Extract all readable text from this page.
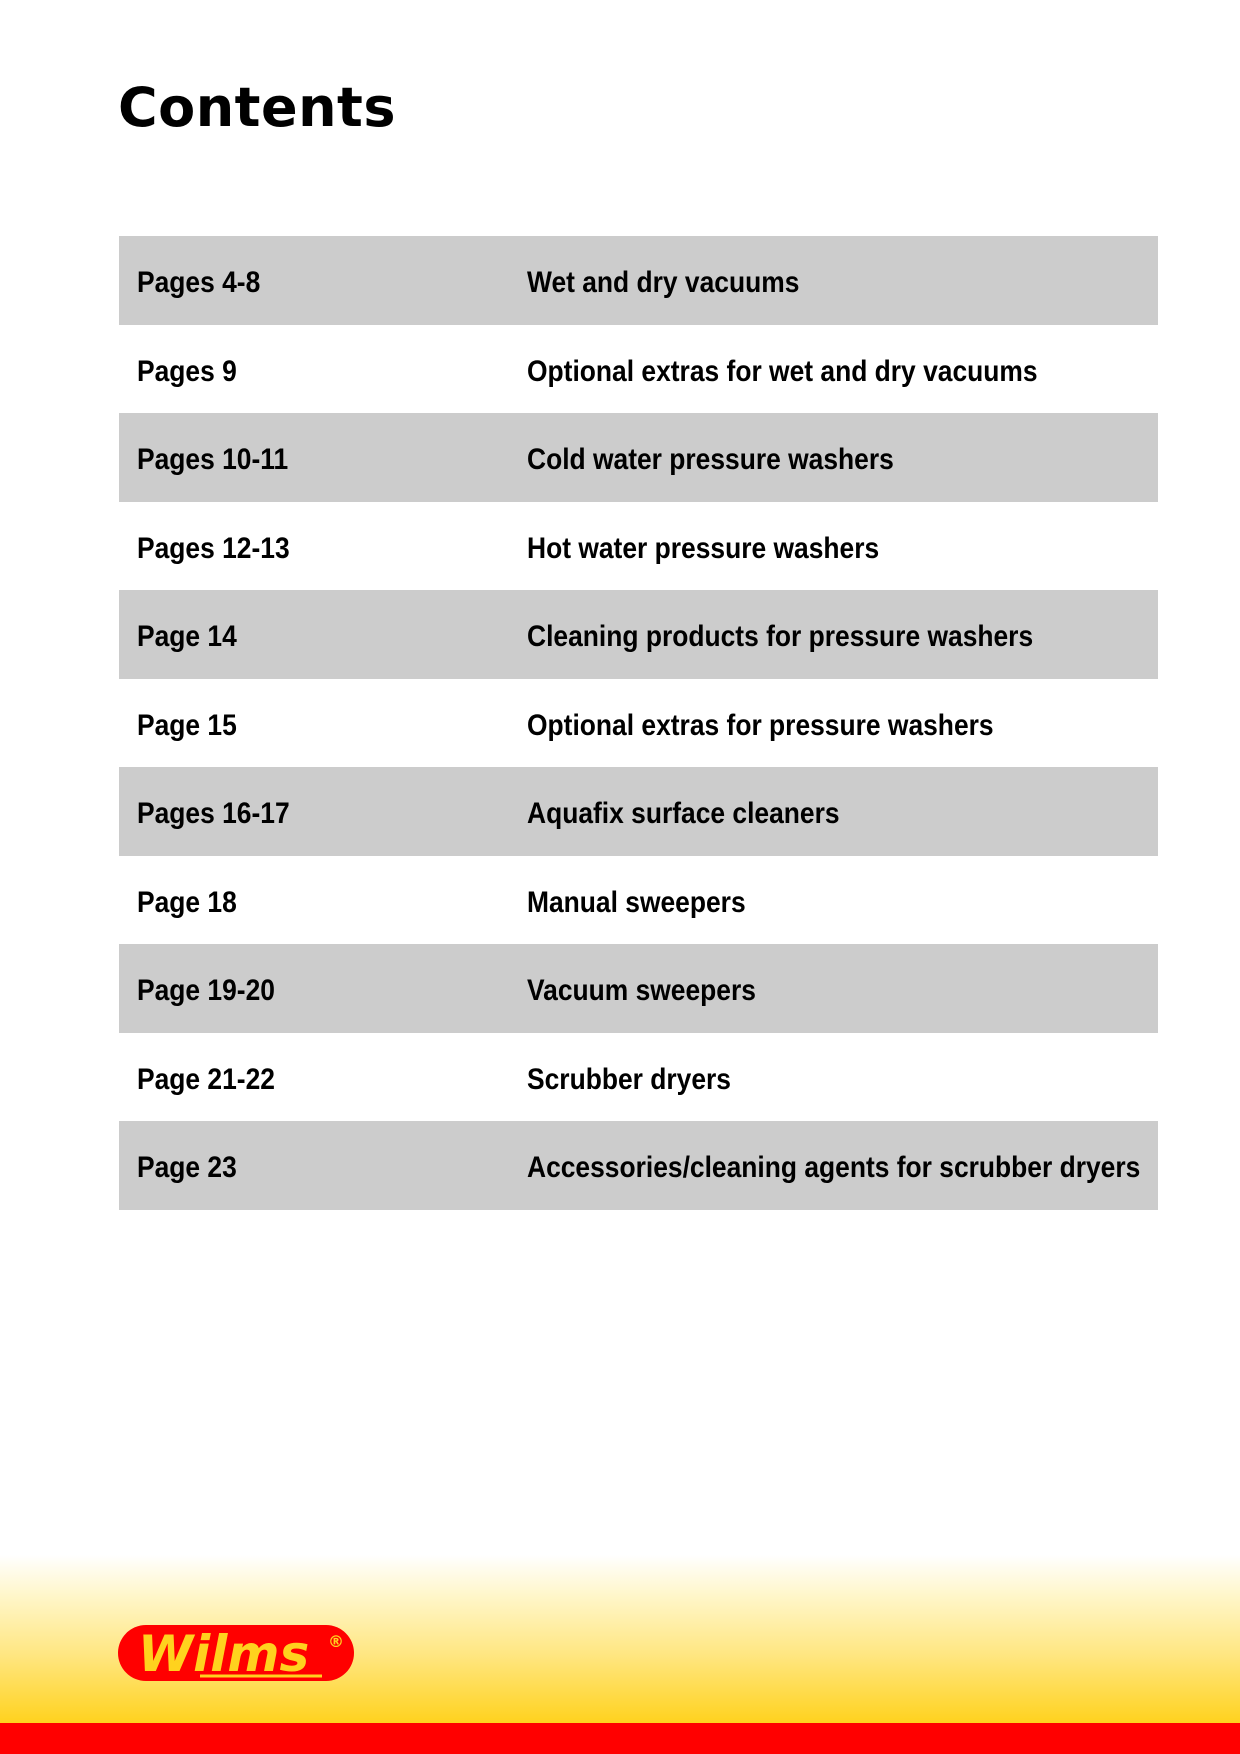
Contents
Pages 4-8	Wet and dry vacuums
Pages 9	Optional extras for wet and dry vacuums
Pages 10-11	Cold water pressure washers
Pages 12-13	Hot water pressure washers
Page 14	Cleaning products for pressure washers
Page 15	Optional extras for pressure washers
Pages 16-17	Aquafix surface cleaners
Page 18	Manual sweepers
Page 19-20	Vacuum sweepers
Page 21-22	Scrubber dryers
Page 23	Accessories/cleaning agents for scrubber dryers
Wilms ®
